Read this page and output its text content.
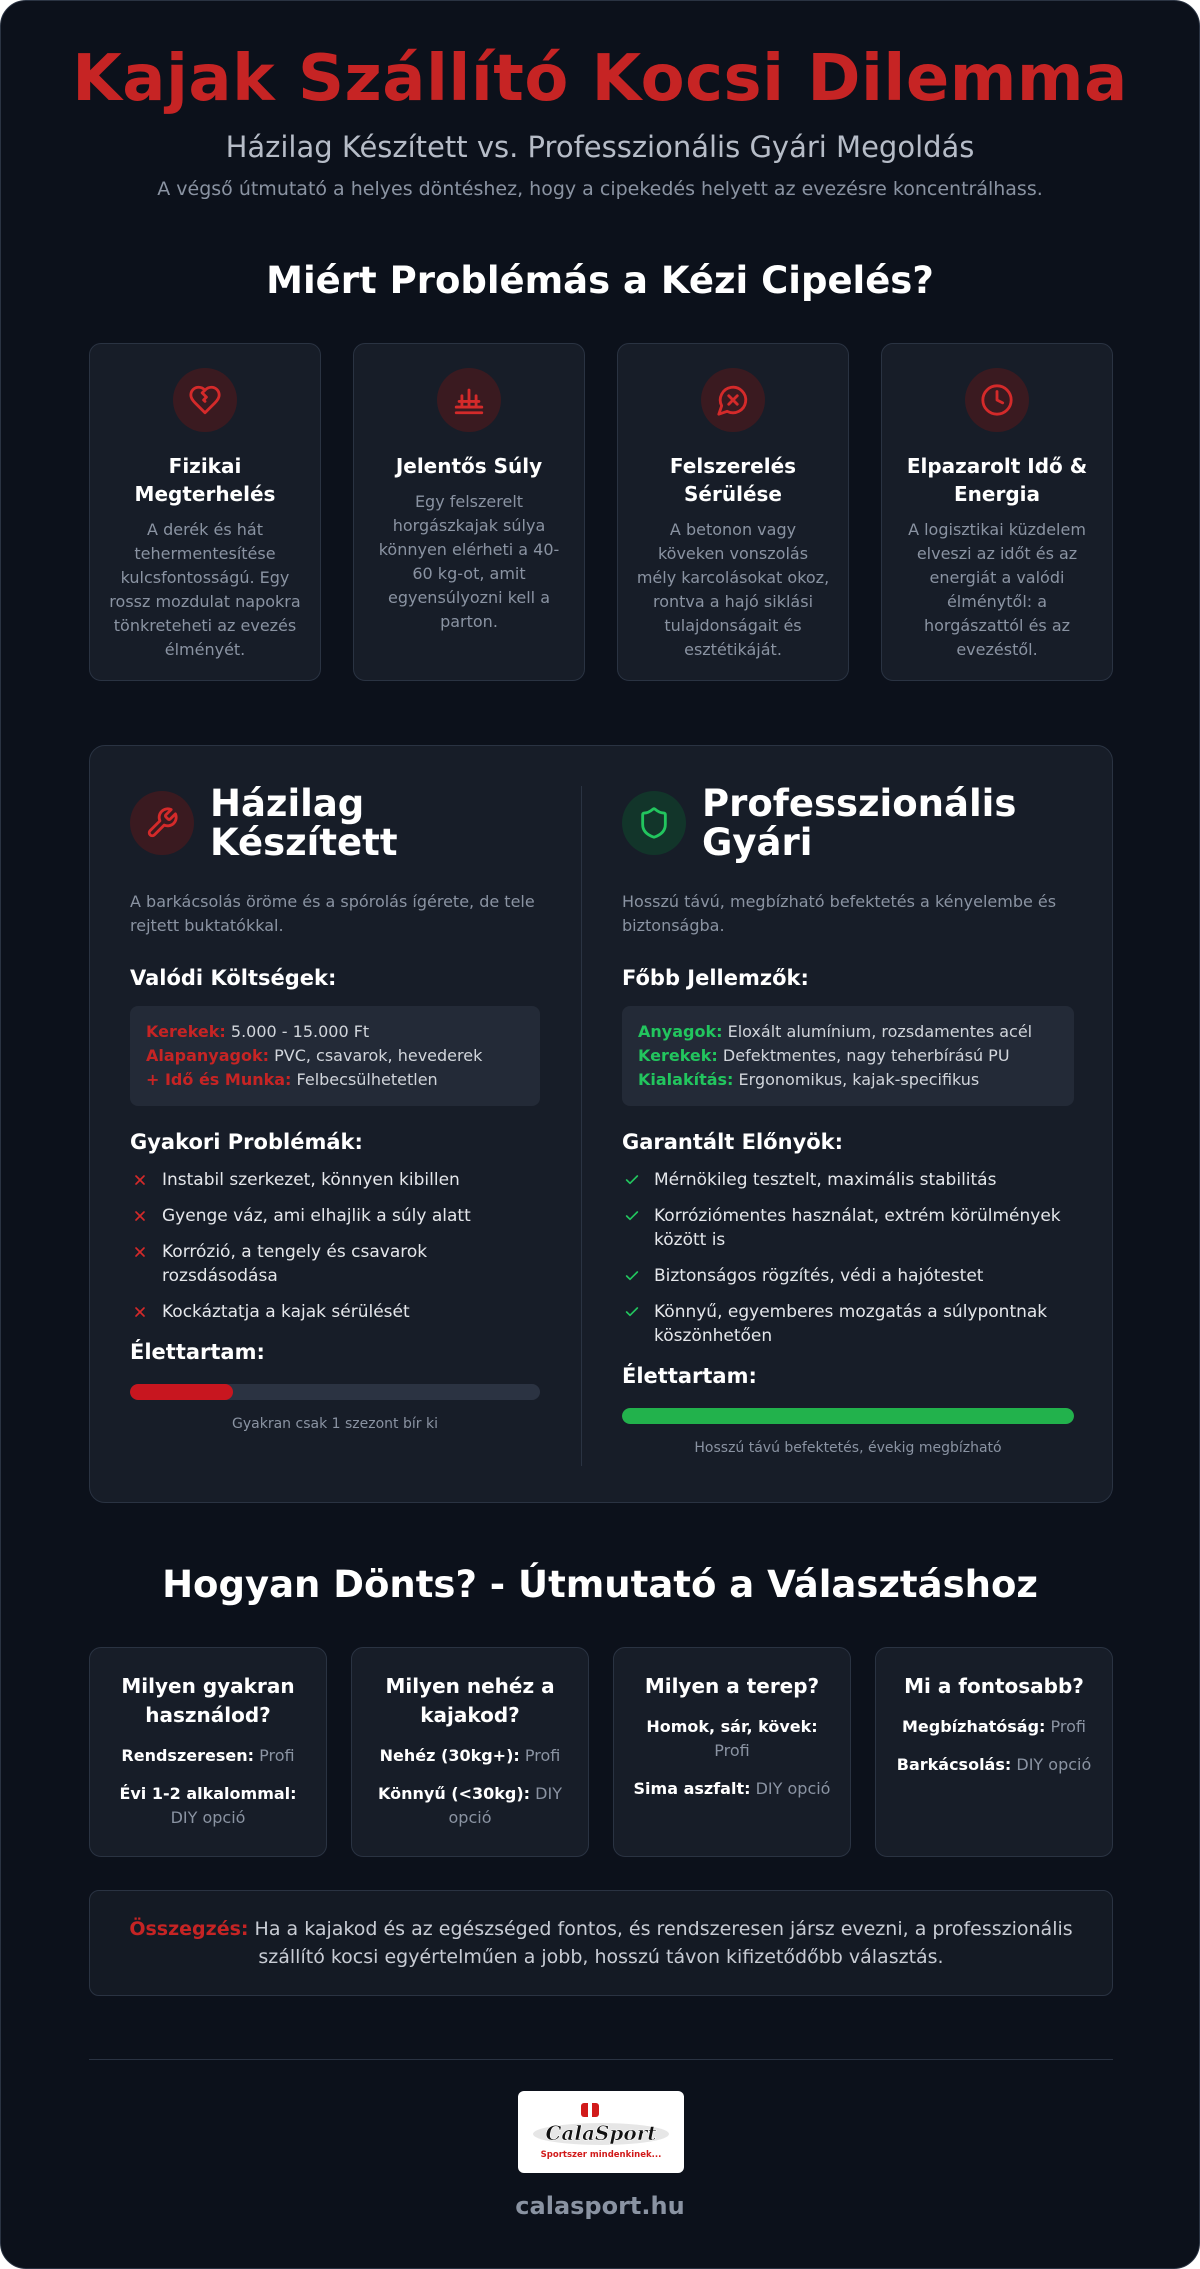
Kajak Szállító Kocsi Dilemma
Házilag Készített vs. Professzionális Gyári Megoldás
A végső útmutató a helyes döntéshez, hogy a cipekedés helyett az evezésre koncentrálhass.
Miért Problémás a Kézi Cipelés?
Fizikai Megterhelés
A derék és hát tehermentesítése kulcsfontosságú. Egy rossz mozdulat napokra tönkreteheti az evezés élményét.
Jelentős Súly
Egy felszerelt horgászkajak súlya könnyen elérheti a 40-60 kg-ot, amit egyensúlyozni kell a parton.
Felszerelés Sérülése
A betonon vagy köveken vonszolás mély karcolásokat okoz, rontva a hajó siklási tulajdonságait és esztétikáját.
Elpazarolt Idő & Energia
A logisztikai küzdelem elveszi az időt és az energiát a valódi élménytől: a horgászattól és az evezéstől.
Házilag Készített
A barkácsolás öröme és a spórolás ígérete, de tele rejtett buktatókkal.
Valódi Költségek:
Kerekek: 5.000 - 15.000 Ft
Alapanyagok: PVC, csavarok, hevederek
+ Idő és Munka: Felbecsülhetetlen
Gyakori Problémák:
Instabil szerkezet, könnyen kibillen
Gyenge váz, ami elhajlik a súly alatt
Korrózió, a tengely és csavarok rozsdásodása
Kockáztatja a kajak sérülését
Élettartam:
Gyakran csak 1 szezont bír ki
Professzionális Gyári
Hosszú távú, megbízható befektetés a kényelembe és biztonságba.
Főbb Jellemzők:
Anyagok: Eloxált alumínium, rozsdamentes acél
Kerekek: Defektmentes, nagy teherbírású PU
Kialakítás: Ergonomikus, kajak-specifikus
Garantált Előnyök:
Mérnökileg tesztelt, maximális stabilitás
Korróziómentes használat, extrém körülmények között is
Biztonságos rögzítés, védi a hajótestet
Könnyű, egyemberes mozgatás a súlypontnak köszönhetően
Élettartam:
Hosszú távú befektetés, évekig megbízható
Hogyan Dönts? - Útmutató a Választáshoz
Milyen gyakran használod?
Rendszeresen: Profi
Évi 1-2 alkalommal: DIY opció
Milyen nehéz a kajakod?
Nehéz (30kg+): Profi
Könnyű (<30kg): DIY opció
Milyen a terep?
Homok, sár, kövek: Profi
Sima aszfalt: DIY opció
Mi a fontosabb?
Megbízhatóság: Profi
Barkácsolás: DIY opció
Összegzés: Ha a kajakod és az egészséged fontos, és rendszeresen jársz evezni, a professzionális szállító kocsi egyértelműen a jobb, hosszú távon kifizetődőbb választás.
CalaSport
Sportszer mindenkinek...
calasport.hu
